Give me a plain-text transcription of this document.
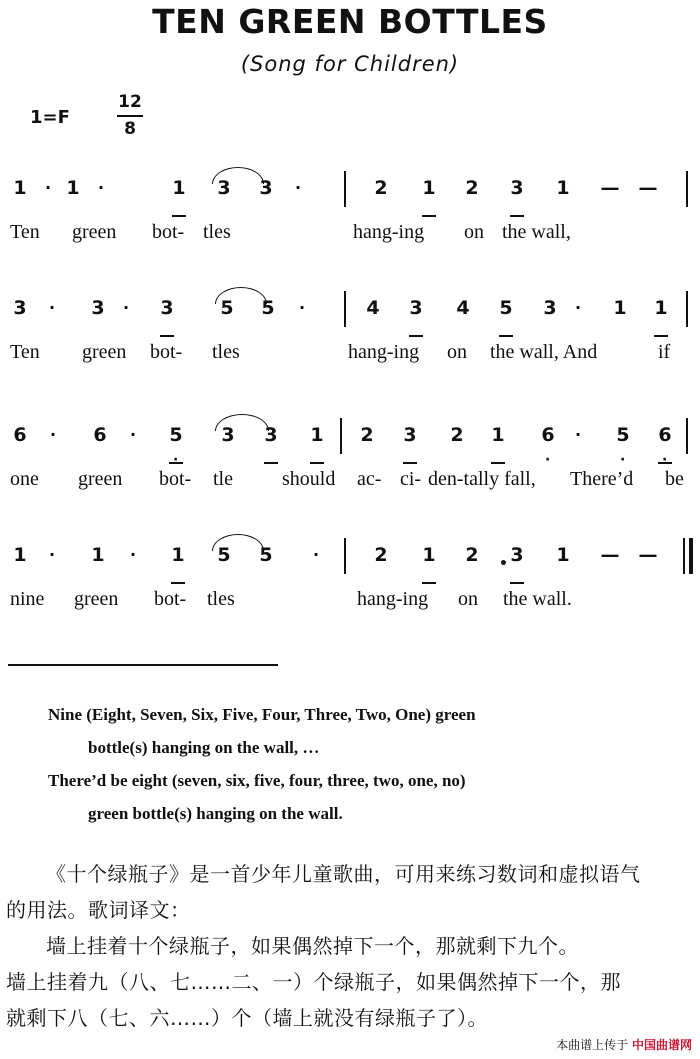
TEN GREEN BOTTLES
(Song for Children)
1=F
12
8
1	· 1	·	1 3 3	·	2 1 2 3 1 — —
Ten green bot- tles	hang-ing on the wall,
3	·	3	·	3 5 5	·	4 3 4 5 3	·	1 1
Ten green bot- tles	hang-ing on the wall, And	if
6	·	6	·	5
·
3 3 1 2 3 2 1 6
·
·	5
·
6
·
one green bot- tle should ac- ci- den-tally fall, There’d be
1	·	1	·	1 5 5	·	2 1 2 3
•	1 — —
nine green bot- tles	hang-ing on the wall.
Nine (Eight, Seven, Six, Five, Four, Three, Two, One) green
bottle(s) hanging on the wall, …
There’d be eight (seven, six, five, four, three, two, one, no)
green bottle(s) hanging on the wall.
《十个绿瓶子》是一首少年儿童歌曲，可用来练习数词和虚拟语气
的用法。歌词译文：
墙上挂着十个绿瓶子，如果偶然掉下一个，那就剩下九个。
墙上挂着九（八、七……二、一）个绿瓶子，如果偶然掉下一个，那
就剩下八（七、六……）个（墙上就没有绿瓶子了）。
本曲谱上传于 中国曲谱网
